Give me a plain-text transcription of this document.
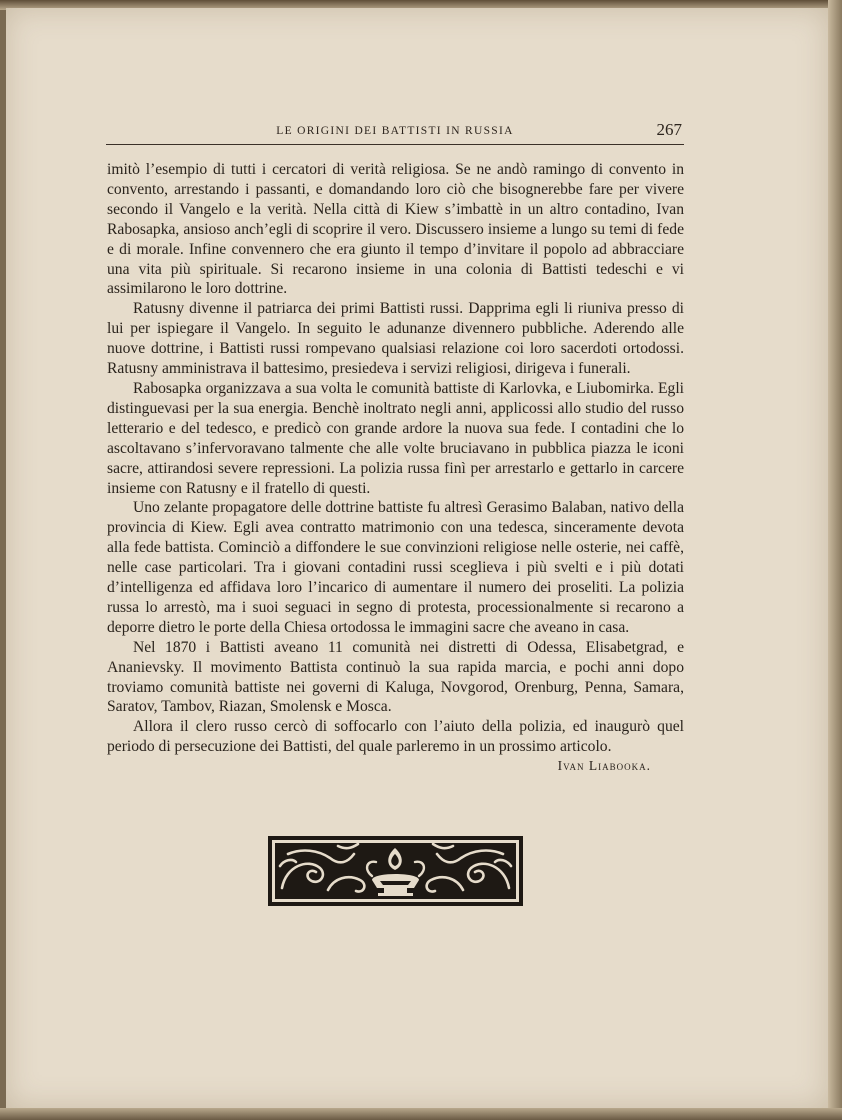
LE ORIGINI DEI BATTISTI IN RUSSIA	267

imitò l’esempio di tutti i cercatori di verità religiosa. Se ne andò ramingo di convento in convento, arrestando i passanti, e domandando loro ciò che bisognerebbe fare per vivere secondo il Vangelo e la verità. Nella città di Kiew s’imbattè in un altro contadino, Ivan Rabosapka, ansioso anch’egli di scoprire il vero. Discussero insieme a lungo su temi di fede e di morale. Infine convennero che era giunto il tempo d’invitare il popolo ad abbracciare una vita più spirituale. Si recarono insieme in una colonia di Battisti tedeschi e vi assimilarono le loro dottrine.

Ratusny divenne il patriarca dei primi Battisti russi. Dapprima egli li riuniva presso di lui per ispiegare il Vangelo. In seguito le adunanze divennero pubbliche. Aderendo alle nuove dottrine, i Battisti russi rompevano qualsiasi relazione coi loro sacerdoti ortodossi. Ratusny amministrava il battesimo, presiedeva i servizi religiosi, dirigeva i funerali.

Rabosapka organizzava a sua volta le comunità battiste di Karlovka, e Liubomirka. Egli distinguevasi per la sua energia. Benchè inoltrato negli anni, applicossi allo studio del russo letterario e del tedesco, e predicò con grande ardore la nuova sua fede. I contadini che lo ascoltavano s’infervoravano talmente che alle volte bruciavano in pubblica piazza le iconi sacre, attirandosi severe repressioni. La polizia russa finì per arrestarlo e gettarlo in carcere insieme con Ratusny e il fratello di questi.

Uno zelante propagatore delle dottrine battiste fu altresì Gerasimo Balaban, nativo della provincia di Kiew. Egli avea contratto matrimonio con una tedesca, sinceramente devota alla fede battista. Cominciò a diffondere le sue convinzioni religiose nelle osterie, nei caffè, nelle case particolari. Tra i giovani contadini russi sceglieva i più svelti e i più dotati d’intelligenza ed affidava loro l’incarico di aumentare il numero dei proseliti. La polizia russa lo arrestò, ma i suoi seguaci in segno di protesta, processionalmente si recarono a deporre dietro le porte della Chiesa ortodossa le immagini sacre che aveano in casa.

Nel 1870 i Battisti aveano 11 comunità nei distretti di Odessa, Elisabetgrad, e Ananievsky. Il movimento Battista continuò la sua rapida marcia, e pochi anni dopo troviamo comunità battiste nei governi di Kaluga, Novgorod, Orenburg, Penna, Samara, Saratov, Tambov, Riazan, Smolensk e Mosca.

Allora il clero russo cercò di soffocarlo con l’aiuto della polizia, ed inaugurò quel periodo di persecuzione dei Battisti, del quale parleremo in un prossimo articolo.

Ivan Liabooka.
